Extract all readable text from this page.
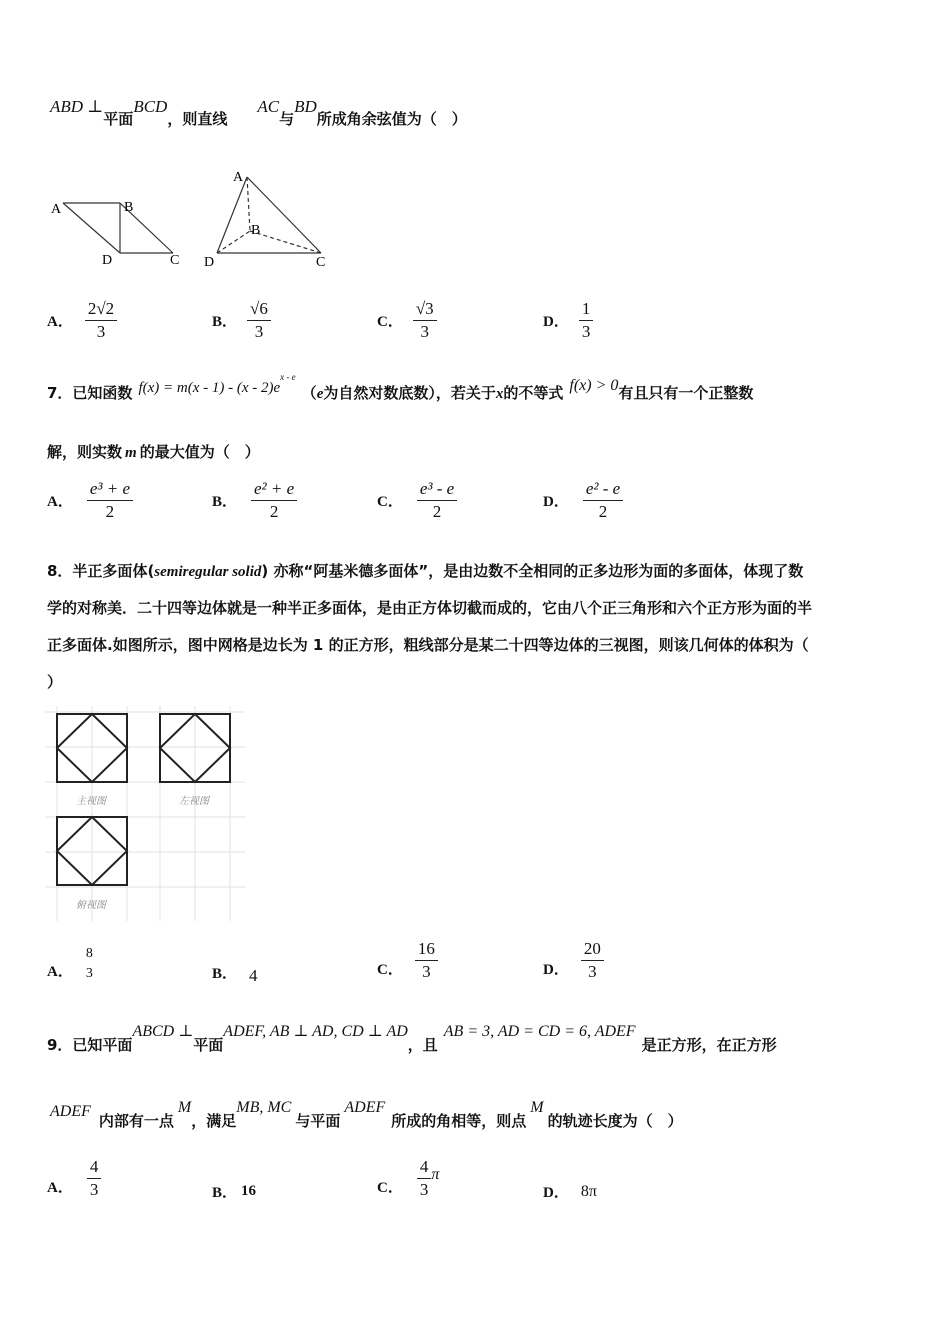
ABD ⊥平面BCD，则直线AC与BD所成角余弦值为（　）
A	B
D	C
A
B
D	C
A． $\frac{2√2}{3}$	B． $\frac{√6}{3}$	C． $\frac{√3}{3}$	D． $\frac{1}{3}$
7．已知函数 $f(x) = m(x - 1) - (x - 2)e^{x - e}(e$为自然对数底数），若关于x的不等式 f(x) > 0有且只有一个正整数
解，则实数 m 的最大值为（　）
A． $\frac{\text{e³ + e}}{2}$	B． $\frac{\text{e² + e}}{2}$	C． $\frac{\text{e³ - e}}{2}$	D． $\frac{\text{e² - e}}{2}$
8．半正多面体(semiregular solid) 亦称“阿基米德多面体”，是由边数不全相同的正多边形为面的多面体，体现了数
学的对称美．二十四等边体就是一种半正多面体，是由正方体切截而成的，它由八个正三角形和六个正方形为面的半
正多面体.如图所示，图中网格是边长为 1 的正方形，粗线部分是某二十四等边体的三视图，则该几何体的体积为（
）
主视图	左视图
俯视图
A．
8
3	B． 4	C． $\frac{16}{3}$	D． $\frac{20}{3}$
9．已知平面ABCD ⊥平面ADEF, AB ⊥ AD, CD ⊥ AD，且AB = 3, AD = CD = 6, ADEF是正方形，在正方形
ADEF内部有一点M，满足MB, MC与平面ADEF所成的角相等，则点M的轨迹长度为（　）
A． $\frac{4}{3}$	B． 16	C． $\frac{4}{3}$ π
D． 8π
